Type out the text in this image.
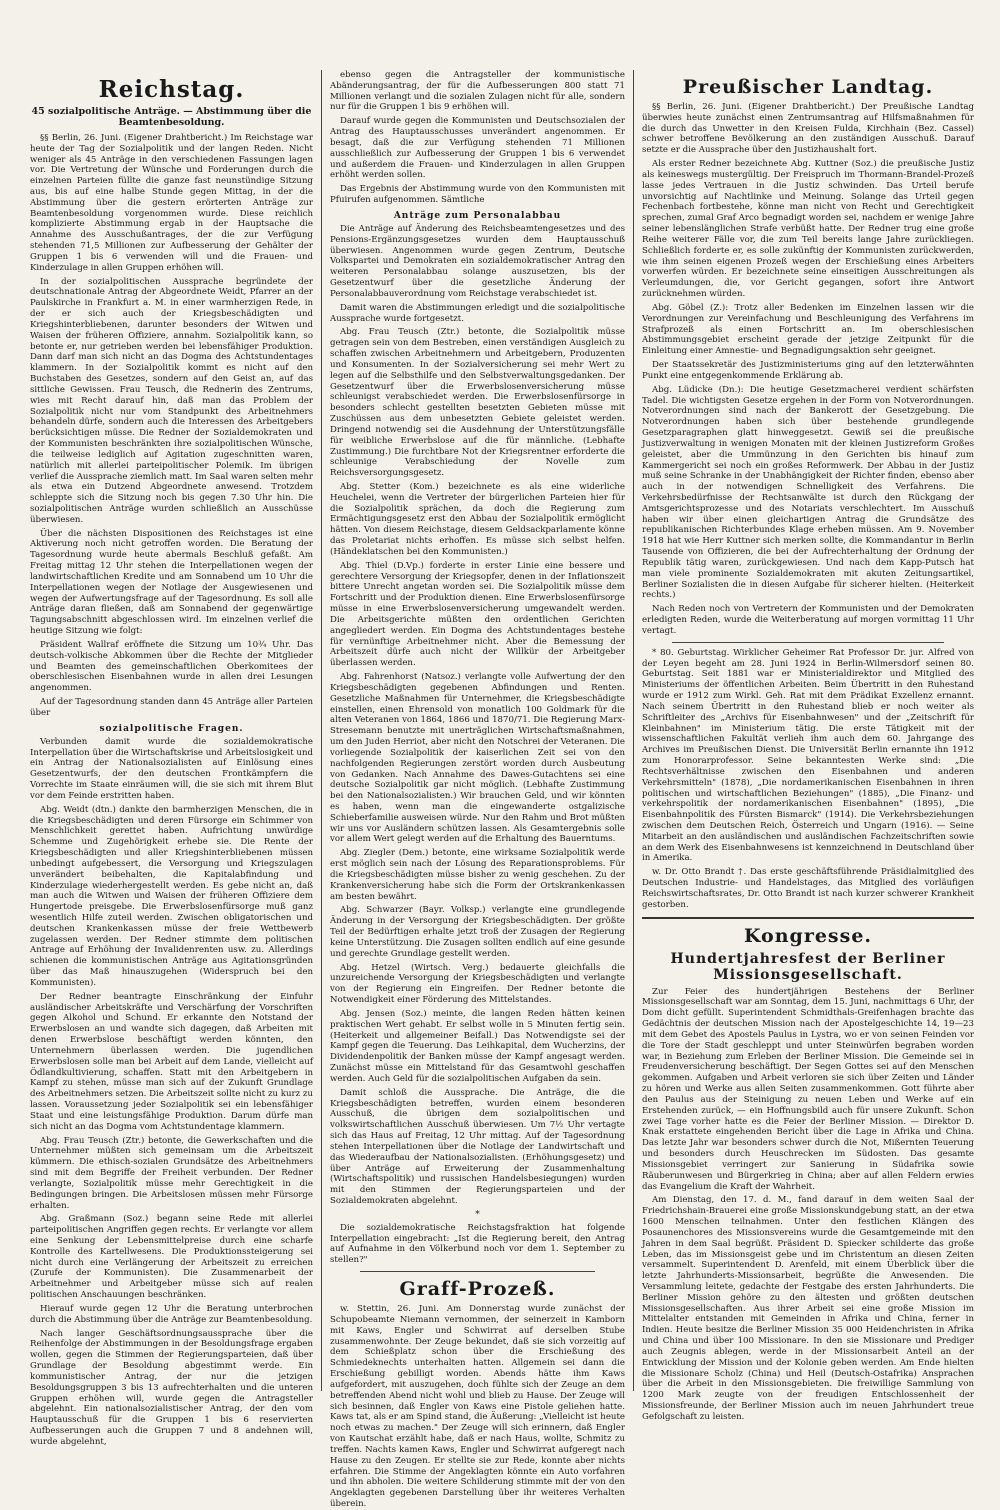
Reichstag.
45 sozialpolitische Anträge. — Abstimmung über die Beamtenbesoldung.

§§ Berlin, 26. Juni. (Eigener Drahtbericht.) Im Reichstage war heute der Tag der Sozialpolitik und der langen Reden. Nicht weniger als 45 Anträge in den verschiedenen Fassungen lagen vor. Die Vertretung der Wünsche und Forderungen durch die einzelnen Parteien füllte die ganze fast neunstündige Sitzung aus, bis auf eine halbe Stunde gegen Mittag, in der die Abstimmung über die gestern erörterten Anträge zur Beamtenbesoldung vorgenommen wurde. Diese reichlich komplizierte Abstimmung ergab in der Hauptsache die Annahme des Ausschußantrages, der die zur Verfügung stehenden 71,5 Millionen zur Aufbesserung der Gehälter der Gruppen 1 bis 6 verwenden will und die Frauen- und Kinderzulage in allen Gruppen erhöhen will.

In der sozialpolitischen Aussprache begründete der deutschnationale Antrag der Abgeordnete Weidt, Pfarrer an der Paulskirche in Frankfurt a. M. in einer warmherzigen Rede, in der er sich auch der Kriegsbeschädigten und Kriegshinterbliebenen, darunter besonders der Witwen und Waisen der früheren Offiziere, annahm. Sozialpolitik kann, so betonte er, nur getrieben werden bei lebensfähiger Produktion. Dann darf man sich nicht an das Dogma des Achtstundentages klammern. In der Sozialpolitik kommt es nicht auf den Buchstaben des Gesetzes, sondern auf den Geist an, auf das sittliche Gewissen. Frau Teusch, die Rednerin des Zentrums, wies mit Recht darauf hin, daß man das Problem der Sozialpolitik nicht nur vom Standpunkt des Arbeitnehmers behandeln dürfe, sondern auch die Interessen des Arbeitgebers berücksichtigen müsse. Die Redner der Sozialdemokraten und der Kommunisten beschränkten ihre sozialpolitischen Wünsche, die teilweise lediglich auf Agitation zugeschnitten waren, natürlich mit allerlei parteipolitischer Polemik. Im übrigen verlief die Aussprache ziemlich matt. Im Saal waren selten mehr als etwa ein Dutzend Abgeordnete anwesend. Trotzdem schleppte sich die Sitzung noch bis gegen 7.30 Uhr hin. Die sozialpolitischen Anträge wurden schließlich an Ausschüsse überwiesen.

Über die nächsten Dispositionen des Reichstages ist eine Aktiverung noch nicht getroffen worden. Die Beratung der Tagesordnung wurde heute abermals Beschluß gefaßt. Am Freitag mittag 12 Uhr stehen die Interpellationen wegen der landwirtschaftlichen Kredite und am Sonnabend um 10 Uhr die Interpellationen wegen der Notlage der Ausgewiesenen und wegen der Aufwertungsfrage auf der Tagesordnung. Es soll alle Anträge daran fließen, daß am Sonnabend der gegenwärtige Tagungsabschnitt abgeschlossen wird. Im einzelnen verlief die heutige Sitzung wie folgt:

Präsident Wallraf eröffnete die Sitzung um 10¾ Uhr. Das deutsch-volkische Abkommen über die Rechte der Mitglieder und Beamten des gemeinschaftlichen Oberkomitees der oberschlesischen Eisenbahnen wurde in allen drei Lesungen angenommen.

Auf der Tagesordnung standen dann 45 Anträge aller Parteien über

sozialpolitische Fragen.

Verbunden damit wurde die sozialdemokratische Interpellation über die Wirtschaftskrise und Arbeitslosigkeit und ein Antrag der Nationalsozialisten auf Einlösung eines Gesetzentwurfs, der den deutschen Frontkämpfern die Vorrechte im Staate einräumen will, die sie sich mit ihrem Blut vor dem Feinde erstritten haben.

Abg. Weidt (dtn.) dankte den barmherzigen Menschen, die in die Kriegsbeschädigten und deren Fürsorge ein Schimmer von Menschlichkeit gerettet haben. Aufrichtung unwürdige Schemme und Zugehörigkeit erhebe sie. Die Rente der Kriegsbeschädigten und aller Kriegshinterbliebenen müssen unbedingt aufgebessert, die Versorgung und Kriegszulagen unverändert beibehalten, die Kapitalabfindung und Kinderzulage wiederhergestellt werden. Es gebe nicht an, daß man auch die Witwen und Waisen der früheren Offiziere dem Hungertode preisgebe. Die Erwerbslosenfürsorge muß ganz wesentlich Hilfe zuteil werden. Zwischen obligatorischen und deutschen Krankenkassen müsse der freie Wettbewerb zugelassen werden. Der Redner stimmte dem politischen Antrage auf Erhöhung der Invalidenrenten usw. zu. Allerdings schienen die kommunistischen Anträge aus Agitationsgründen über das Maß hinauszugehen (Widerspruch bei den Kommunisten).

Der Redner beantragte Einschränkung der Einfuhr ausländischer Arbeitskräfte und Verschärfung der Vorschriften gegen Alkohol und Schund. Er erkannte den Notstand der Erwerbslosen an und wandte sich dagegen, daß Arbeiten mit denen Erwerbslose beschäftigt werden könnten, den Unternehmern überlassen werden. Die jugendlichen Erwerbslosen solle man bei Arbeit auf dem Lande, vielleicht auf Ödlandkultivierung, schaffen. Statt mit den Arbeitgebern in Kampf zu stehen, müsse man sich auf der Zukunft Grundlage des Arbeitnehmers setzen. Die Arbeitszeit sollte nicht zu kurz zu lassen. Voraussetzung jeder Sozialpolitik sei ein lebensfähiger Staat und eine leistungsfähige Produktion. Darum dürfe man sich nicht an das Dogma vom Achtstundentage klammern.

Abg. Frau Teusch (Ztr.) betonte, die Gewerkschaften und die Unternehmer müßten sich gemeinsam um die Arbeitszeit kümmern. Die ethisch-sozialen Grundsätze des Arbeitnehmers sind mit dem Begriffe der Freiheit verbunden. Der Redner verlangte, Sozialpolitik müsse mehr Gerechtigkeit in die Bedingungen bringen. Die Arbeitslosen müssen mehr Fürsorge erhalten.

Abg. Graßmann (Soz.) begann seine Rede mit allerlei parteipolitischen Angriffen gegen rechts. Er verlangte vor allem eine Senkung der Lebensmittelpreise durch eine scharfe Kontrolle des Kartellwesens. Die Produktionssteigerung sei nicht durch eine Verlängerung der Arbeitszeit zu erreichen (Zurufe der Kommunisten). Die Zusammenarbeit der Arbeitnehmer und Arbeitgeber müsse sich auf realen politischen Anschauungen beschränken.

Hierauf wurde gegen 12 Uhr die Beratung unterbrochen durch die Abstimmung über die Anträge zur Beamtenbesoldung.

Nach langer Geschäftsordnungsaussprache über die Reihenfolge der Abstimmungen in der Besoldungsfrage ergaben wollen, gegen die Stimmen der Regierungsparteien, daß über Grundlage der Besoldung abgestimmt werde. Ein kommunistischer Antrag, der nur die jetzigen Besoldungsgruppen 3 bis 13 aufrechterhalten und die unteren Gruppen erhöhen will, wurde gegen die Antragsteller abgelehnt. Ein nationalsozialistischer Antrag, der den vom Hauptausschuß für die Gruppen 1 bis 6 reservierten Aufbesserungen auch die Gruppen 7 und 8 andehnen will, wurde abgelehnt,

ebenso gegen die Antragsteller der kommunistische Abänderungsantrag, der für die Aufbesserungen 800 statt 71 Millionen verlangt und die sozialen Zulagen nicht für alle, sondern nur für die Gruppen 1 bis 9 erhöhen will.

Darauf wurde gegen die Kommunisten und Deutschsozialen der Antrag des Hauptausschusses unverändert angenommen. Er besagt, daß die zur Verfügung stehenden 71 Millionen ausschließlich zur Aufbesserung der Gruppen 1 bis 6 verwendet und außerdem die Frauen- und Kinderzulagen in allen Gruppen erhöht werden sollen.

Das Ergebnis der Abstimmung wurde von den Kommunisten mit Pfuirufen aufgenommen. Sämtliche

Anträge zum Personalabbau

Die Anträge auf Änderung des Reichsbeamtengesetzes und des Pensions-Ergänzungsgesetzes wurden dem Hauptausschuß überwiesen. Angenommen wurde gegen Zentrum, Deutsche Volkspartei und Demokraten ein sozialdemokratischer Antrag den weiteren Personalabbau solange auszusetzen, bis der Gesetzentwurf über die gesetzliche Änderung der Personalabbauverordnung vom Reichstage verabschiedet ist.

Damit waren die Abstimmungen erledigt und die sozialpolitische Aussprache wurde fortgesetzt.

Abg. Frau Teusch (Ztr.) betonte, die Sozialpolitik müsse getragen sein von dem Bestreben, einen verständigen Ausgleich zu schaffen zwischen Arbeitnehmern und Arbeitgebern, Produzenten und Konsumenten. In der Sozialversicherung sei mehr Wert zu legen auf die Selbsthilfe und den Selbstverwaltungsgedanken. Der Gesetzentwurf über die Erwerbslosenversicherung müsse schleunigst verabschiedet werden. Die Erwerbslosenfürsorge in besonders schlecht gestellten besetzten Gebieten müsse mit Zuschüssen aus dem unbesetzten Gebiete geleistet werden. Dringend notwendig sei die Ausdehnung der Unterstützungsfälle für weibliche Erwerbslose auf die für männliche. (Lebhafte Zustimmung.) Die furchtbare Not der Kriegsrentner erforderte die schleunige Verabschiedung der Novelle zum Reichsversorgungsgesetz.

Abg. Stetter (Kom.) bezeichnete es als eine widerliche Heuchelei, wenn die Vertreter der bürgerlichen Parteien hier für die Sozialpolitik sprächen, da doch die Regierung zum Ermächtigungsgesetz erst den Abbau der Sozialpolitik ermöglicht hätten. Von diesem Reichstage, diesem Geldsackparlamente könne das Proletariat nichts erhoffen. Es müsse sich selbst helfen. (Händeklatschen bei den Kommunisten.)

Abg. Thiel (D.Vp.) forderte in erster Linie eine bessere und gerechtere Versorgung der Kriegsopfer, denen in der Inflationszeit bittere Unrecht angetan worden sei. Die Sozialpolitik müsse dem Fortschritt und der Produktion dienen. Eine Erwerbslosenfürsorge müsse in eine Erwerbslosenversicherung umgewandelt werden. Die Arbeitsgerichte müßten den ordentlichen Gerichten angegliedert werden. Ein Dogma des Achtstundentages bestehe für vernünftige Arbeitnehmer nicht. Aber die Bemessung der Arbeitszeit dürfe auch nicht der Willkür der Arbeitgeber überlassen werden.

Abg. Fahrenhorst (Natsoz.) verlangte volle Aufwertung der den Kriegsbeschädigten gegebenen Abfindungen und Renten. Gesetzliche Maßnahmen für Unternehmer, die Kriegsbeschädigte einstellen, einen Ehrensold von monatlich 100 Goldmark für die alten Veteranen von 1864, 1866 und 1870/71. Die Regierung Marx-Stresemann benutzte mit unerträglichen Wirtschaftsmaßnahmen, um den Juden Herriot, aber nicht den Notschrei der Veteranen. Die vorliegende Sozialpolitik der kaiserlichen Zeit sei von den nachfolgenden Regierungen zerstört worden durch Ausbeutung von Gedanken. Nach Annahme des Dawes-Gutachtens sei eine deutsche Sozialpolitik gar nicht möglich. (Lebhafte Zustimmung bei den Nationalsozialisten.) Wir brauchen Geld, und wir könnten es haben, wenn man die eingewanderte ostgalizische Schieberfamilie ausweisen würde. Nur den Rahm und Brot müßten wir uns vor Ausländern schützen lassen. Als Gesamtergebnis solle vor allem Wert gelegt werden auf die Erhaltung des Bauerntums.

Abg. Ziegler (Dem.) betonte, eine wirksame Sozialpolitik werde erst möglich sein nach der Lösung des Reparationsproblems. Für die Kriegsbeschädigten müsse bisher zu wenig geschehen. Zu der Krankenversicherung habe sich die Form der Ortskrankenkassen am besten bewährt.

Abg. Schwarzer (Bayr. Volksp.) verlangte eine grundlegende Änderung in der Versorgung der Kriegsbeschädigten. Der größte Teil der Bedürftigen erhalte jetzt troß der Zusagen der Regierung keine Unterstützung. Die Zusagen sollten endlich auf eine gesunde und gerechte Grundlage gestellt werden.

Abg. Hetzel (Wirtsch. Verg.) bedauerte gleichfalls die unzureichende Versorgung der Kriegsbeschädigten und verlangte von der Regierung ein Eingreifen. Der Redner betonte die Notwendigkeit einer Förderung des Mittelstandes.

Abg. Jensen (Soz.) meinte, die langen Reden hätten keinen praktischen Wert gehabt. Er selbst wolle in 5 Minuten fertig sein. (Heiterkeit und allgemeiner Beifall.) Das Notwendigste sei der Kampf gegen die Teuerung. Das Leihkapital, dem Wucherzins, der Dividendenpolitik der Banken müsse der Kampf angesagt werden. Zunächst müsse ein Mittelstand für das Gesamtwohl geschaffen werden. Auch Geld für die sozialpolitischen Aufgaben da sein.

Damit schloß die Aussprache. Die Anträge, die die Kriegsbeschädigten betreffen, wurden einem besonderen Ausschuß, die übrigen dem sozialpolitischen und volkswirtschaftlichen Ausschuß überwiesen. Um 7½ Uhr vertagte sich das Haus auf Freitag, 12 Uhr mittag. Auf der Tagesordnung stehen Interpellationen über die Notlage der Landwirtschaft und das Wiederaufbau der Nationalsozialisten. (Erhöhungsgesetz) und über Anträge auf Erweiterung der Zusammenhaltung (Wirtschaftspolitik) und russischen Handelsbesiegungen) wurden mit den Stimmen der Regierungsparteien und der Sozialdemokraten abgelehnt.

*

Die sozialdemokratische Reichstagsfraktion hat folgende Interpellation eingebracht: „Ist die Regierung bereit, den Antrag auf Aufnahme in den Völkerbund noch vor dem 1. September zu stellen?"

Graff-Prozeß.

w. Stettin, 26. Juni. Am Donnerstag wurde zunächst der Schupobeamte Niemann vernommen, der seinerzeit in Kamborn mit Kaws, Engler und Schwirrat auf derselben Stube zusammenwohnte. Der Zeuge bekundet, daß sie sich vorzeitig auf dem Schießplatz schon über die Erschießung des Schmiedeknechts unterhalten hatten. Allgemein sei dann die Erschießung gebilligt worden. Abends hätte ihm Kaws aufgefordert, mit auszugehen, doch fühlte sich der Zeuge an dem betreffenden Abend nicht wohl und blieb zu Hause. Der Zeuge will sich besinnen, daß Engler von Kaws eine Pistole geliehen hatte. Kaws tat, als er am Spind stand, die Äußerung: „Vielleicht ist heute noch etwas zu machen." Der Zeuge will sich erinnern, daß Engler von Kautschat erzählt habe, daß er nach Haus, wollte, Schmitz zu treffen. Nachts kamen Kaws, Engler und Schwirrat aufgeregt nach Hause zu den Zeugen. Er stellte sie zur Rede, konnte aber nichts erfahren. Die Stimme der Angeklagten könnte ein Auto vorfahren und ihn abholen. Die weitere Schilderung stimmte mit der von den Angeklagten gegebenen Darstellung über ihr weiteres Verhalten überein.

Preußischer Landtag.

§§ Berlin, 26. Juni. (Eigener Drahtbericht.) Der Preußische Landtag überwies heute zunächst einen Zentrumsantrag auf Hilfsmaßnahmen für die durch das Unwetter in den Kreisen Fulda, Kirchhain (Bez. Cassel) schwer betroffene Bevölkerung an den zuständigen Ausschuß. Darauf setzte er die Aussprache über den Justizhaushalt fort.

Als erster Redner bezeichnete Abg. Kuttner (Soz.) die preußische Justiz als keineswegs mustergültig. Der Freispruch im Thormann-Brandel-Prozeß lasse jedes Vertrauen in die Justiz schwinden. Das Urteil berufe unvorsichtig auf Nachtlinke und Meinung. Solange das Urteil gegen Fechenbach fortbestehe, könne man nicht von Recht und Gerechtigkeit sprechen, zumal Graf Arco begnadigt worden sei, nachdem er wenige Jahre seiner lebenslänglichen Strafe verbüßt hatte. Der Redner trug eine große Reihe weiterer Fälle vor, die zum Teil bereits lange Jahre zurückliegen. Schließlich forderte er, es solle zukünftig der Kommunisten zurückwerden, wie ihm seinen eigenen Prozeß wegen der Erschießung eines Arbeiters vorwerfen würden. Er bezeichnete seine einseitigen Ausschreitungen als Verleumdungen, die, vor Gericht gegangen, sofort ihre Antwort zurücknehmen würden.

Abg. Göbel (Z.): Trotz aller Bedenken im Einzelnen lassen wir die Verordnungen zur Vereinfachung und Beschleunigung des Verfahrens im Strafprozeß als einen Fortschritt an. Im oberschlesischen Abstimmungsgebiet erscheint gerade der jetzige Zeitpunkt für die Einleitung einer Amnestie- und Begnadigungsaktion sehr geeignet.

Der Staatssekretär des Justizministeriums ging auf den letzterwähnten Punkt eine entgegenkommende Erklärung ab.

Abg. Lüdicke (Dn.): Die heutige Gesetzmacherei verdient schärfsten Tadel. Die wichtigsten Gesetze ergehen in der Form von Notverordnungen. Notverordnungen sind nach der Bankerott der Gesetzgebung. Die Notverordnungen haben sich über bestehende grundlegende Gesetzparagraphen glatt hinweggesetzt. Gewiß sei die preußische Justizverwaltung in wenigen Monaten mit der kleinen Justizreform Großes geleistet, aber die Ummünzung in den Gerichten bis hinauf zum Kammergericht sei noch ein großes Reformwerk. Der Abbau in der Justiz muß seine Schranke in der Unabhängigkeit der Richter finden, ebenso aber auch in der notwendigen Schnelligkeit des Verfahrens. Die Verkehrsbedürfnisse der Rechtsanwälte ist durch den Rückgang der Amtsgerichtsprozesse und des Notariats verschlechtert. Im Ausschuß haben wir über einen gleichartigen Antrag die Grundsätze des republikanischen Richterbundes Klage erheben müssen. Am 9. November 1918 hat wie Herr Kuttner sich merken sollte, die Kommandantur in Berlin Tausende von Offizieren, die bei der Aufrechterhaltung der Ordnung der Republik tätig waren, zurückgewiesen. Und nach dem Kapp-Putsch hat man viele prominente Sozialdemokraten mit akuten Zeitungsartikel, Berliner Sozialisten die in diesen Aufgabe für sicherer hielten. (Heiterkeit rechts.)

Nach Reden noch von Vertretern der Kommunisten und der Demokraten erledigten Reden, wurde die Weiterberatung auf morgen vormittag 11 Uhr vertagt.

* 80. Geburtstag. Wirklicher Geheimer Rat Professor Dr. jur. Alfred von der Leyen begeht am 28. Juni 1924 in Berlin-Wilmersdorf seinen 80. Geburtstag. Seit 1881 war er Ministerialdirektor und Mitglied des Ministeriums der öffentlichen Arbeiten. Beim Übertritt in den Ruhestand wurde er 1912 zum Wirkl. Geh. Rat mit dem Prädikat Exzellenz ernannt. Nach seinem Übertritt in den Ruhestand blieb er noch weiter als Schriftleiter des „Archivs für Eisenbahnwesen" und der „Zeitschrift für Kleinbahnen" im Ministerium tätig. Die erste Tätigkeit mit der wissenschaftlichen Fakultät verlieh ihm auch dem 60. Jahrgange des Archives im Preußischen Dienst. Die Universität Berlin ernannte ihn 1912 zum Honorarprofessor. Seine bekanntesten Werke sind: „Die Rechtsverhältnisse zwischen den Eisenbahnen und anderen Verkehrsmitteln" (1878), „Die nordamerikanischen Eisenbahnen in ihren politischen und wirtschaftlichen Beziehungen" (1885), „Die Finanz- und verkehrspolitik der nordamerikanischen Eisenbahnen" (1895), „Die Eisenbahnpolitik des Fürsten Bismarck" (1914). Die Verkehrsbeziehungen zwischen dem Deutschen Reich, Österreich und Ungarn (1916). — Seine Mitarbeit an den ausländischen und ausländischen Fachzeitschriften sowie an dem Werk des Eisenbahnwesens ist kennzeichnend in Deutschland über in Amerika.

w. Dr. Otto Brandt †. Das erste geschäftsführende Präsidialmitglied des Deutschen Industrie- und Handelstages, das Mitglied des vorläufigen Reichswirtschaftsrates, Dr. Otto Brandt ist nach kurzer schwerer Krankheit gestorben.

Kongresse.
Hundertjahresfest der Berliner Missionsgesellschaft.

Zur Feier des hundertjährigen Bestehens der Berliner Missionsgesellschaft war am Sonntag, dem 15. Juni, nachmittags 6 Uhr, der Dom dicht gefüllt. Superintendent Schmidthals-Greifenhagen brachte das Gedächtnis der deutschen Mission nach der Apostelgeschichte 14, 19—23 mit dem Gebet des Apostels Paulus in Lystra, wo er von seinen Feinden vor die Tore der Stadt geschleppt und unter Steinwürfen begraben worden war, in Beziehung zum Erleben der Berliner Mission. Die Gemeinde sei in Freudenversicherung beschäftigt. Der Segen Gottes sei auf den Menschen gekommen. Aufgaben und Arbeit verloren sie sich über Zeiten und Länder zu hören und Werke aus allen Seiten zusammenkommen. Gott führte aber den Paulus aus der Steinigung zu neuen Leben und Werke auf ein Erstehenden zurück, — ein Hoffnungsbild auch für unsere Zukunft. Schon zwei Tage vorher hatte es die Feier der Berliner Mission. — Direktor D. Knak erstattete eingehenden Bericht über die Lage in Afrika und China. Das letzte Jahr war besonders schwer durch die Not, Mißernten Teuerung und besonders durch Heuschrecken im Südosten. Das gesamte Missionsgebiet verringert zur Sanierung in Südafrika sowie Räuberunwesen und Bürgerkrieg in China; aber auf allen Feldern erwies das Evangelium die Kraft der Wahrheit.

Am Dienstag, den 17. d. M., fand darauf in dem weiten Saal der Friedrichshain-Brauerei eine große Missionskundgebung statt, an der etwa 1600 Menschen teilnahmen. Unter den festlichen Klängen des Posaunenchores des Missionsvereins wurde die Gesamtgemeinde mit den Jahren in dem Saal begrüßt. Präsident D. Spiecker schilderte das große Leben, das im Missionsgeist gebe und im Christentum an diesen Zeiten versammelt. Superintendent D. Arenfeld, mit einem Überblick über die letzte Jahrhunderts-Missionsarbeit, begrüßte die Anwesenden. Die Versammlung leitete, gedachte der Festgabe des ersten Jahrhunderts. Die Berliner Mission gehöre zu den ältesten und größten deutschen Missionsgesellschaften. Aus ihrer Arbeit sei eine große Mission im Mittelalter entstanden mit Gemeinden in Afrika und China, ferner in Indien. Heute besitze die Berliner Mission 35 000 Heidenchristen in Afrika und China und über 100 Missionare. In den sie Missionare und Prediger auch Zeugnis ablegen, werde in der Missionsarbeit Anteil an der Entwicklung der Mission und der Kolonie geben werden. Am Ende hielten die Missionare Scholz (China) und Heil (Deutsch-Ostafrika) Ansprachen über die Arbeit in den Missionsgebieten. Die freiwillige Sammlung von 1200 Mark zeugte von der freudigen Entschlossenheit der Missionsfreunde, der Berliner Mission auch im neuen Jahrhundert treue Gefolgschaft zu leisten.
